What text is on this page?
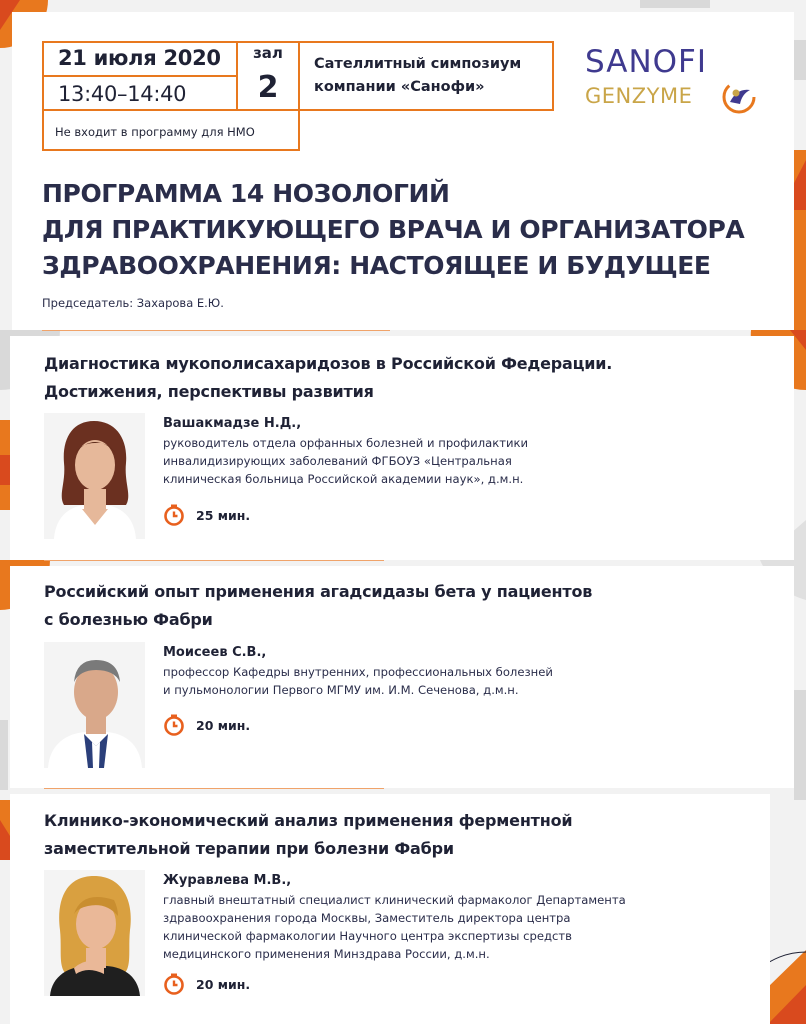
21 июля 2020
13:40–14:40
зал
2
Сателлитный симпозиум компании «Санофи»
Не входит в программу для НМО
SANOFI
GENZYME
ПРОГРАММА 14 НОЗОЛОГИЙ
ДЛЯ ПРАКТИКУЮЩЕГО ВРАЧА И ОРГАНИЗАТОРА
ЗДРАВООХРАНЕНИЯ: НАСТОЯЩЕЕ И БУДУЩЕЕ
Председатель: Захарова Е.Ю.
Диагностика мукополисахаридозов в Российской Федерации.
Достижения, перспективы развития
Вашакмадзе Н.Д.,
руководитель отдела орфанных болезней и профилактики
инвалидизирующих заболеваний ФГБОУЗ «Центральная
клиническая больница Российской академии наук», д.м.н.
25 мин.
Российский опыт применения агадсидазы бета у пациентов
с болезнью Фабри
Моисеев С.В.,
профессор Кафедры внутренних, профессиональных болезней
и пульмонологии Первого МГМУ им. И.М. Сеченова, д.м.н.
20 мин.
Клинико-экономический анализ применения ферментной
заместительной терапии при болезни Фабри
Журавлева М.В.,
главный внештатный специалист клинический фармаколог Департамента
здравоохранения города Москвы, Заместитель директора центра
клинической фармакологии Научного центра экспертизы средств
медицинского применения Минздрава России, д.м.н.
20 мин.
